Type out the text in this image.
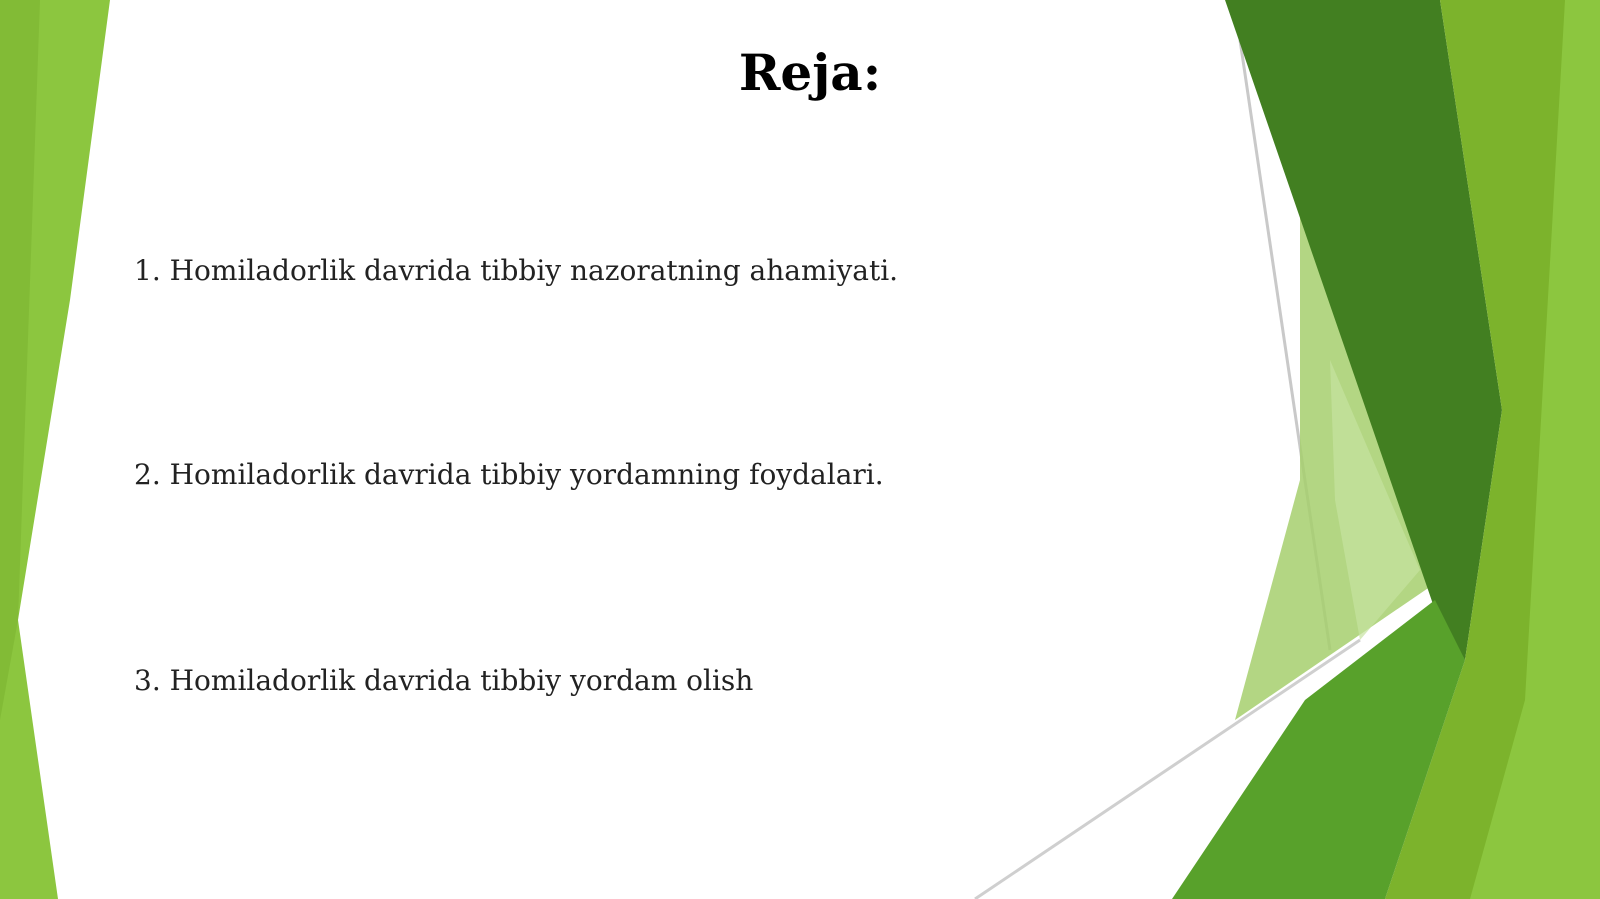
Reja:

1. Homiladorlik davrida tibbiy nazoratning ahamiyati.

2. Homiladorlik davrida tibbiy yordamning foydalari.

3. Homiladorlik davrida tibbiy yordam olish
